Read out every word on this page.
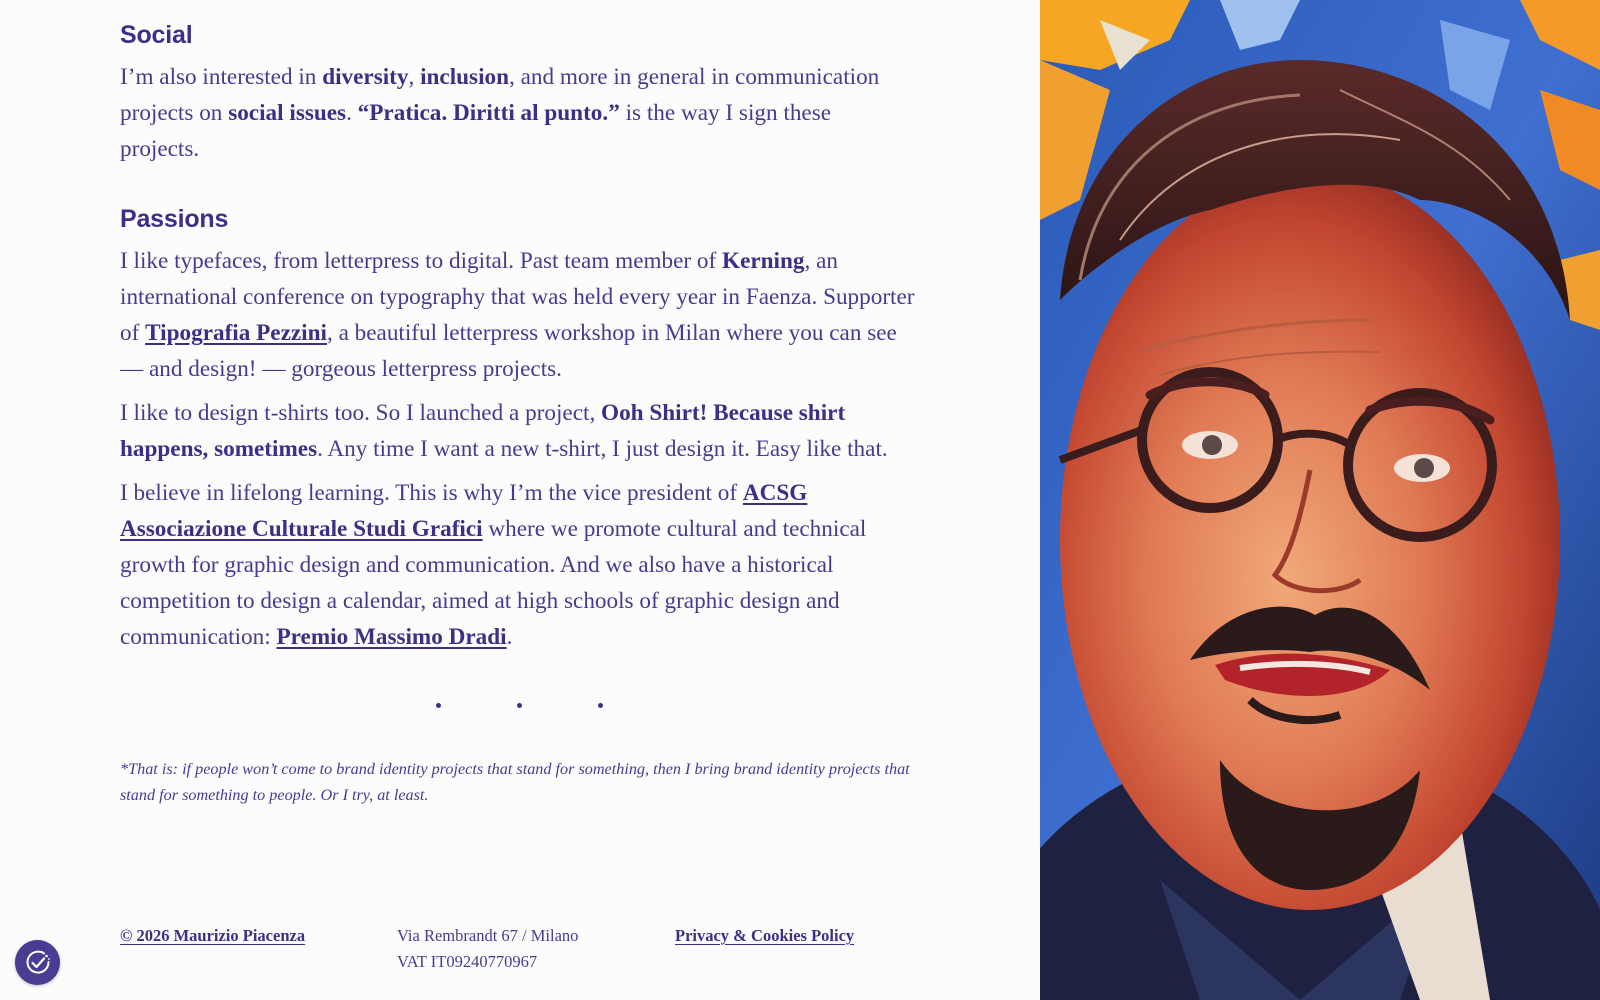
Social

I’m also interested in diversity, inclusion, and more in general in communication projects on social issues. “Pratica. Diritti al punto.” is the way I sign these projects.

Passions

I like typefaces, from letterpress to digital. Past team member of Kerning, an international conference on typography that was held every year in Faenza. Supporter of Tipografia Pezzini, a beautiful letterpress workshop in Milan where you can see — and design! — gorgeous letterpress projects.

I like to design t-shirts too. So I launched a project, Ooh Shirt! Because shirt happens, sometimes. Any time I want a new t-shirt, I just design it. Easy like that.

I believe in lifelong learning. This is why I’m the vice president of ACSG Associazione Culturale Studi Grafici where we promote cultural and technical growth for graphic design and communication. And we also have a historical competition to design a calendar, aimed at high schools of graphic design and communication: Premio Massimo Dradi.

*That is: if people won’t come to brand identity projects that stand for something, then I bring brand identity projects that stand for something to people. Or I try, at least.

© 2026 Maurizio Piacenza	Via Rembrandt 67 / Milano
VAT IT09240770967
Privacy & Cookies Policy
